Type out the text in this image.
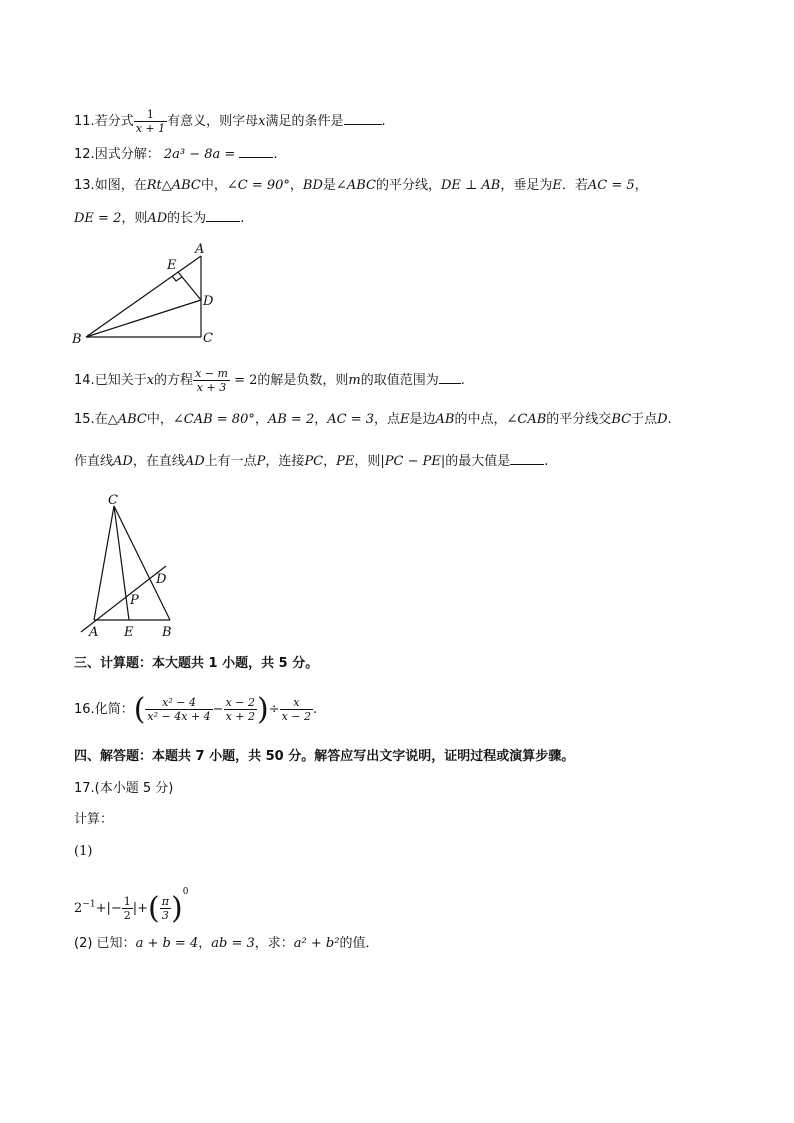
11.若分式 $\frac{1}{x + 1}$ 有意义，则字母x满足的条件是	.
12.因式分解： 2a³ − 8a =	.
13.如图，在Rt△ABC中，∠C = 90°，BD是∠ABC的平分线，DE ⊥ AB，垂足为E．若AC = 5，
DE = 2，则AD的长为	.
A
E
D
B	C
14.已知关于x的方程 $\frac{x - m}{x + 3} = 2$的解是负数，则m的取值范围为 .
15.在△ABC中，∠CAB = 80°，AB = 2，AC = 3，点E是边AB的中点，∠CAB的平分线交BC于点D.
作直线AD，在直线AD上有一点P，连接PC，PE，则|PC − PE|的最大值是	.
C
D
P
A E B
三、计算题：本大题共 1 小题，共 5 分。
16.化简：( $\frac{\text{x² − 4}}{\text{x² − 4x + 4}} - \frac{x - 2}{x + 2}$ )÷ $\frac{x}{x - 2}$ .
四、解答题：本题共 7 小题，共 50 分。解答应写出文字说明，证明过程或演算步骤。
17.(本小题 5 分)
计算：
(1)
$2^{-1}+|- \frac{1}{2}$ |+( $\frac{\pi}{3} )^0$
(2) 已知：a + b = 4，ab = 3，求：a² + b²的值．
